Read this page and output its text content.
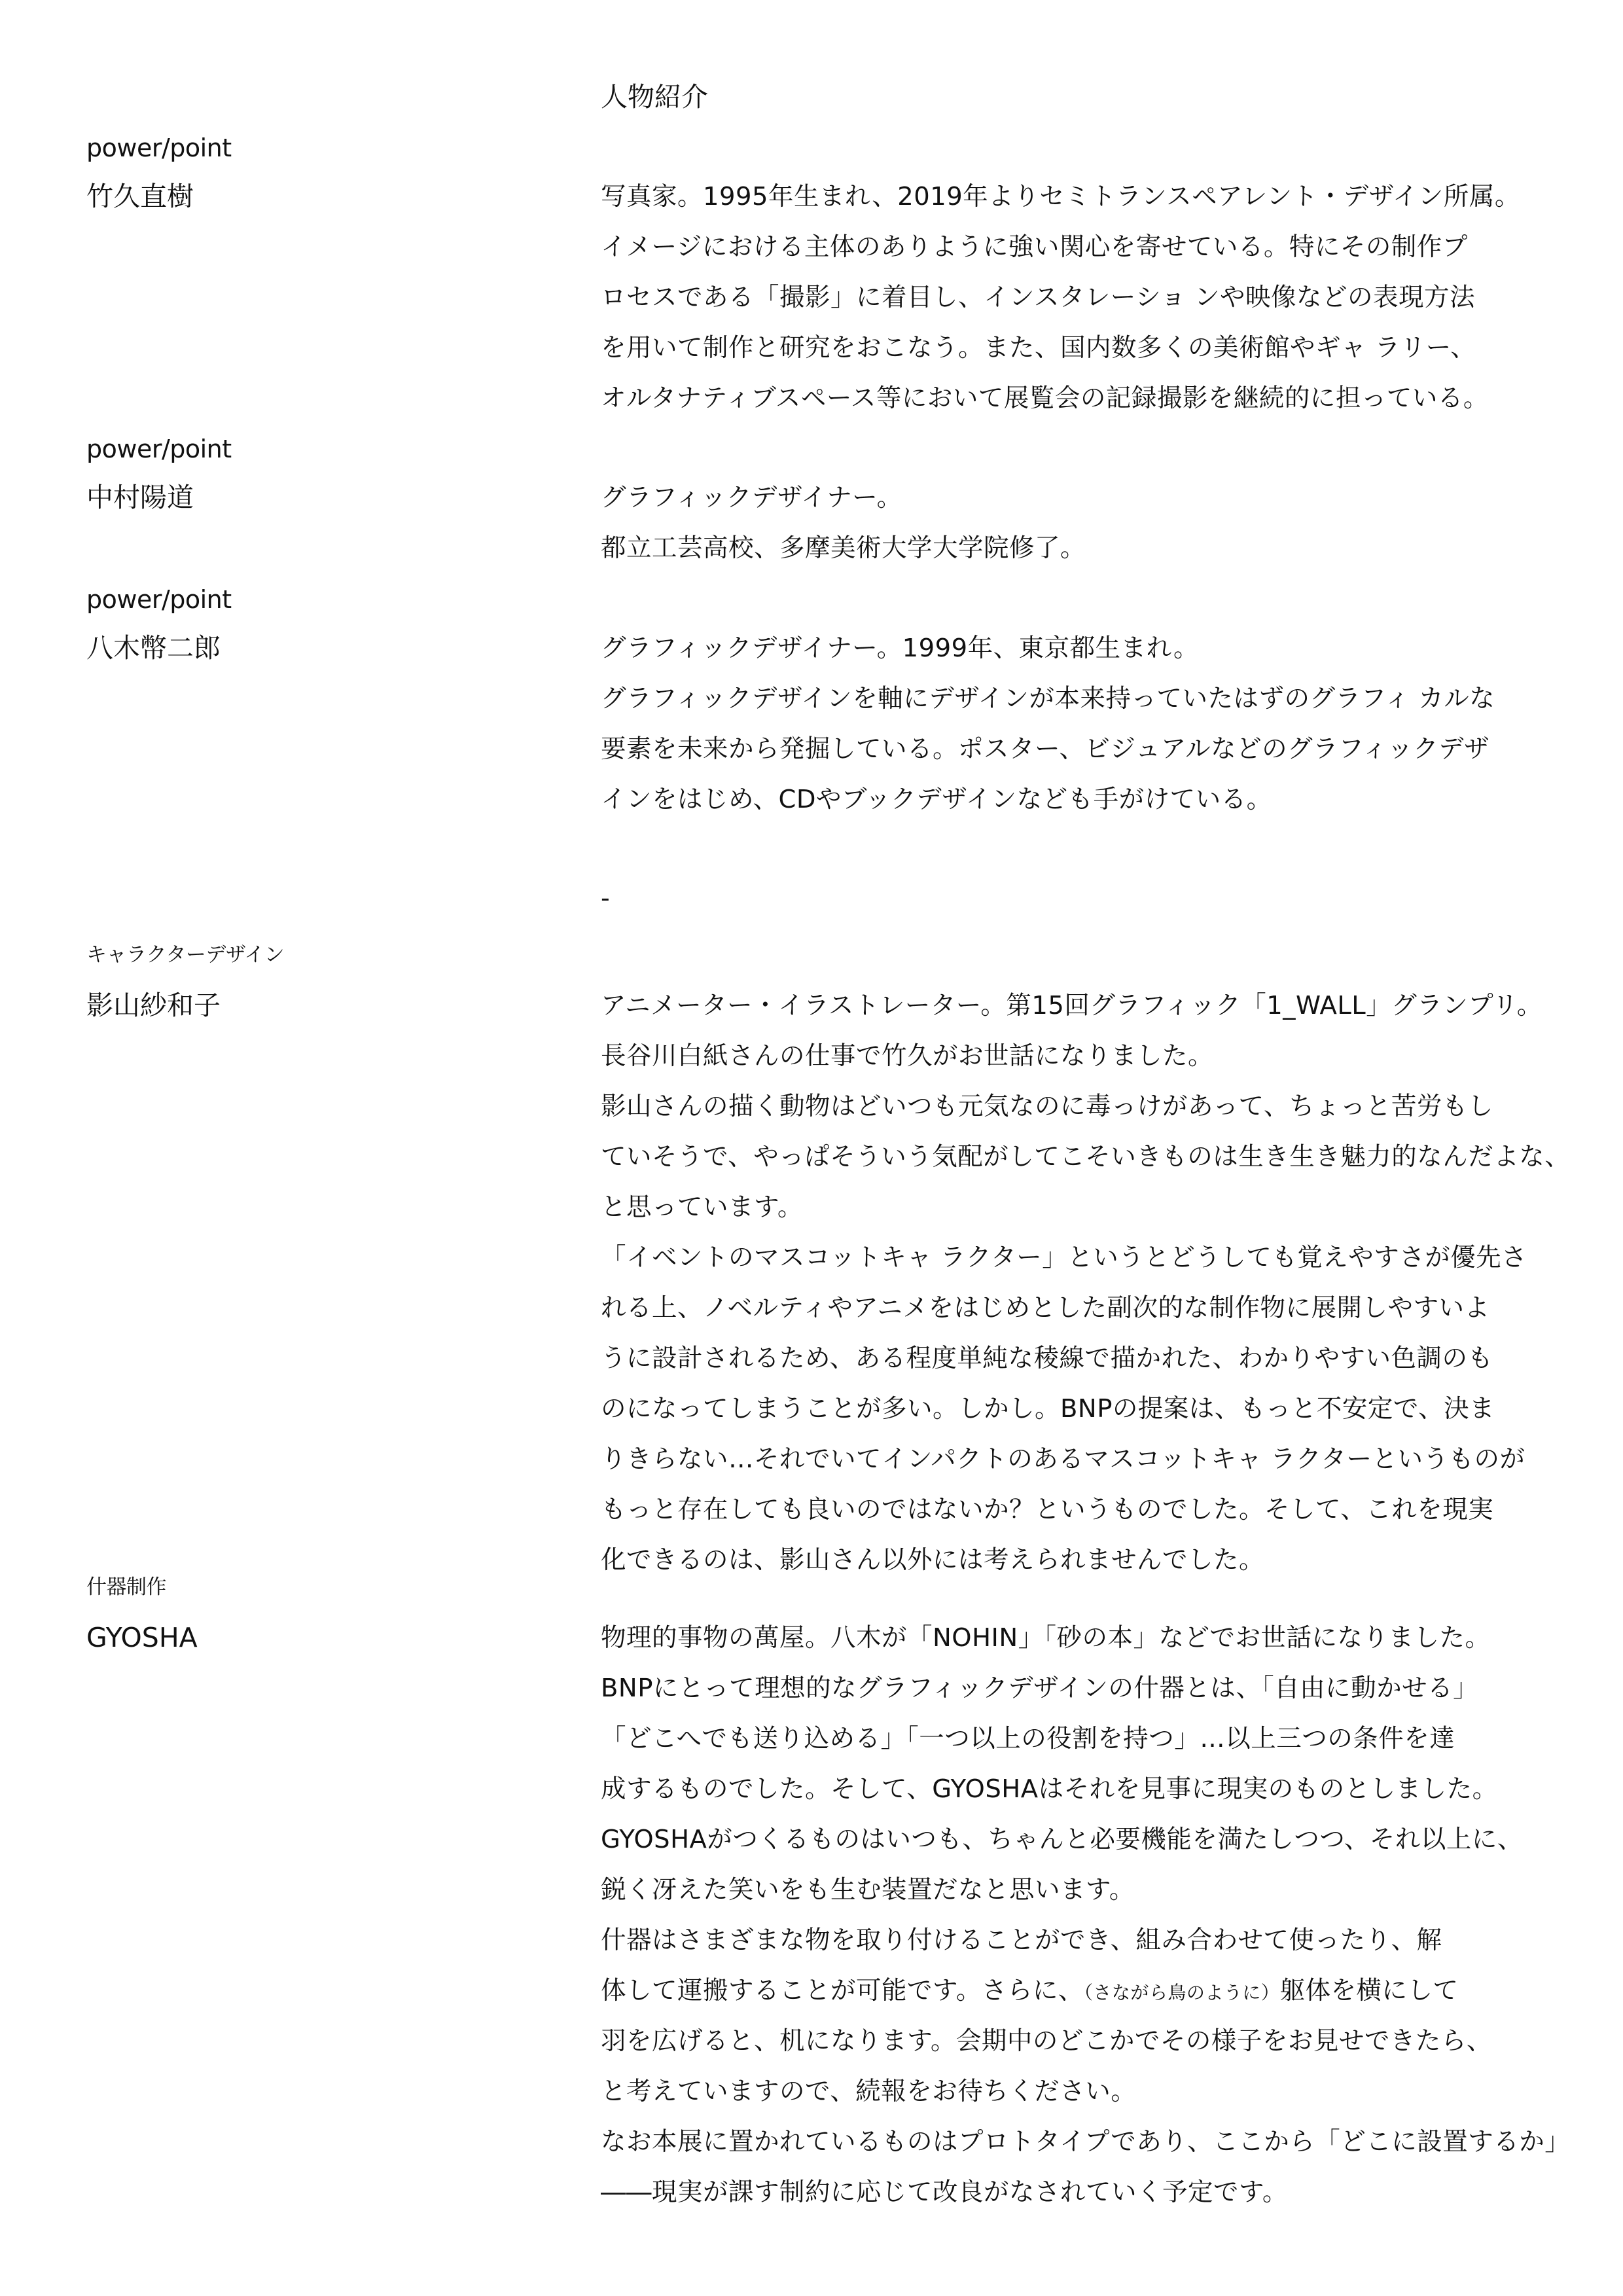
人物紹介
power/point
竹久直樹	写真家。1995年生まれ、2019年よりセミトランスペアレント・デザイン所属。
イメージにおける主体のありように強い関心を寄せている。特にその制作プ
ロセスである「撮影」に着目し、インスタレーショ ンや映像などの表現方法
を用いて制作と研究をおこなう。また、国内数多くの美術館やギャ ラリー、
オルタナティブスペース等において展覧会の記録撮影を継続的に担っている。
power/point
中村陽道	グラフィックデザイナー。
都立工芸高校、多摩美術大学大学院修了。
power/point
八木幣二郎	グラフィックデザイナー。1999年、東京都生まれ。
グラフィックデザインを軸にデザインが本来持っていたはずのグラフィ カルな
要素を未来から発掘している。ポスター、ビジュアルなどのグラフィックデザ
インをはじめ、CDやブックデザインなども手がけている。
-
キャラクターデザイン
影山紗和子	アニメーター・イラストレーター。第15回グラフィック「1_WALL」グランプリ。
長谷川白紙さんの仕事で竹久がお世話になりました。
影山さんの描く動物はどいつも元気なのに毒っけがあって、ちょっと苦労もし
ていそうで、やっぱそういう気配がしてこそいきものは生き生き魅力的なんだよな、
と思っています。
「イベントのマスコットキャ ラクター」というとどうしても覚えやすさが優先さ
れる上、ノベルティやアニメをはじめとした副次的な制作物に展開しやすいよ
うに設計されるため、ある程度単純な稜線で描かれた、わかりやすい色調のも
のになってしまうことが多い。しかし。BNPの提案は、もっと不安定で、決ま
りきらない…それでいてインパクトのあるマスコットキャ ラクターというものが
もっと存在しても良いのではないか？というものでした。そして、これを現実
化できるのは、影山さん以外には考えられませんでした。
什器制作
GYOSHA	物理的事物の萬屋。八木が「NOHIN」「砂の本」などでお世話になりました。
BNPにとって理想的なグラフィックデザインの什器とは、「自由に動かせる」
「どこへでも送り込める」「一つ以上の役割を持つ」…以上三つの条件を達
成するものでした。そして、GYOSHAはそれを見事に現実のものとしました。
GYOSHAがつくるものはいつも、ちゃんと必要機能を満たしつつ、それ以上に、
鋭く冴えた笑いをも生む装置だなと思います。
什器はさまざまな物を取り付けることができ、組み合わせて使ったり、解
体して運搬することが可能です。さらに、（さながら鳥のように）躯体を横にして
羽を広げると、机になります。会期中のどこかでその様子をお見せできたら、
と考えていますので、続報をお待ちください。
なお本展に置かれているものはプロトタイプであり、ここから「どこに設置するか」
――現実が課す制約に応じて改良がなされていく予定です。
